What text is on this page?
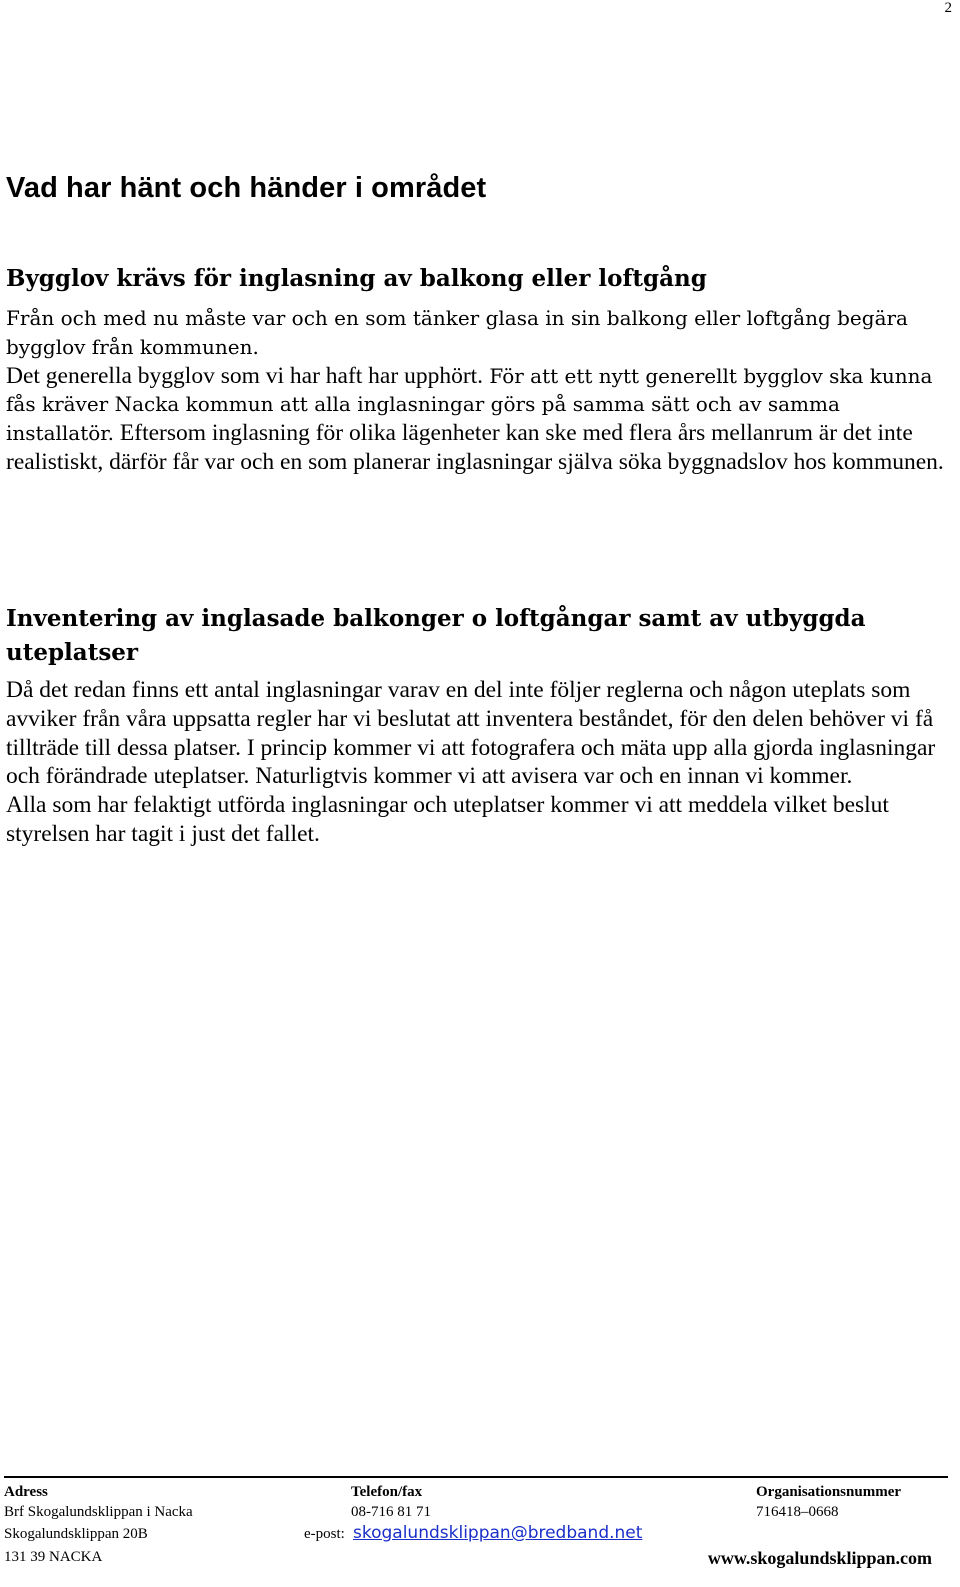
2
Vad har hänt och händer i området
Bygglov krävs för inglasning av balkong eller loftgång

Från och med nu måste var och en som tänker glasa in sin balkong eller loftgång begära bygglov från kommunen.

Det generella bygglov som vi har haft har upphört. För att ett nytt generellt bygglov ska kunna fås kräver Nacka kommun att alla inglasningar görs på samma sätt och av samma installatör. Eftersom inglasning för olika lägenheter kan ske med flera års mellanrum är det inte realistiskt, därför får var och en som planerar inglasningar själva söka byggnadslov hos kommunen.

Inventering av inglasade balkonger o loftgångar samt av utbyggda uteplatser

Då det redan finns ett antal inglasningar varav en del inte följer reglerna och någon uteplats som avviker från våra uppsatta regler har vi beslutat att inventera beståndet, för den delen behöver vi få tillträde till dessa platser. I princip kommer vi att fotografera och mäta upp alla gjorda inglasningar och förändrade uteplatser. Naturligtvis kommer vi att avisera var och en innan vi kommer.

Alla som har felaktigt utförda inglasningar och uteplatser kommer vi att meddela vilket beslut styrelsen har tagit i just det fallet.

Adress
Brf Skogalundsklippan i Nacka
Skogalundsklippan 20B
131 39 NACKA
Telefon/fax
08-716 81 71
e-post: skogalundsklippan@bredband.net
Organisationsnummer
716418–0668
www.skogalundsklippan.com
